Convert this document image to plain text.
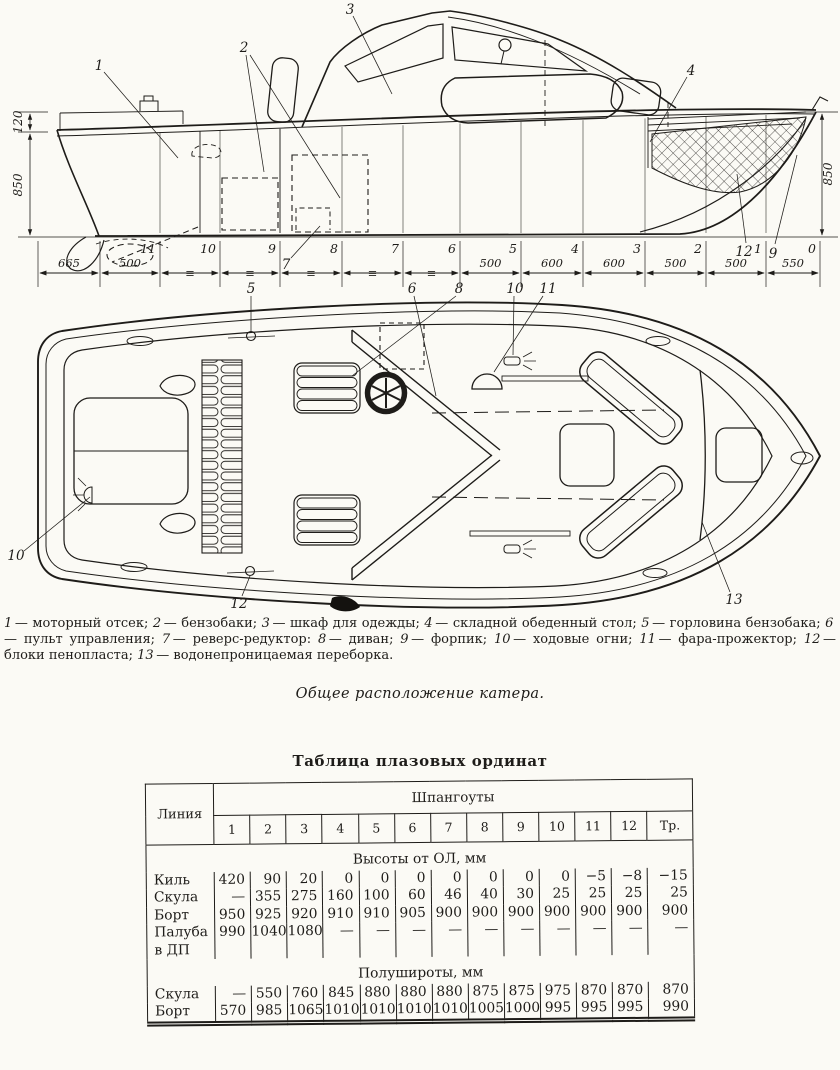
120
850	850
665	500
≡	≡	≡	≡	≡
500	600	600	500	500	550
11	10	9	8	7	6	5	4	3	2	1	0
1
2
3
4
12 9
7
5	6	8	10 11
10
12	13

1 — моторный отсек; 2 — бензобаки; 3 — шкаф для одежды; 4 — складной обеденный стол; 5 — горловина бензобака; 6 — пульт управления; 7 — реверс-редуктор: 8 — диван; 9 — форпик; 10 — ходовые огни; 11 — фара-прожектор; 12 — блоки пенопласта; 13 — водонепроницаемая переборка.

Общее расположение катера.
Таблица плазовых ординат
Линия	Шпангоуты												
	1	2	3	4	5	6	7	8	9	10	11	12	Тр.
Высоты от ОЛ, мм													
Киль	420	90	20	0	0	0	0	0	0	0	−5	−8	−15
Скула	—	355	275	160	100	60	46	40	30	25	25	25	25
Борт	950	925	920	910	910	905	900	900	900	900	900	900	900
Палуба в ДП	990	1040	1080	—	—	—	—	—	—	—	—	—	—
Полушироты, мм													
Скула	—	550	760	845	880	880	880	875	875	975	870	870	870
Борт	570	985	1065	1010	1010	1010	1010	1005	1000	995	995	995	990
